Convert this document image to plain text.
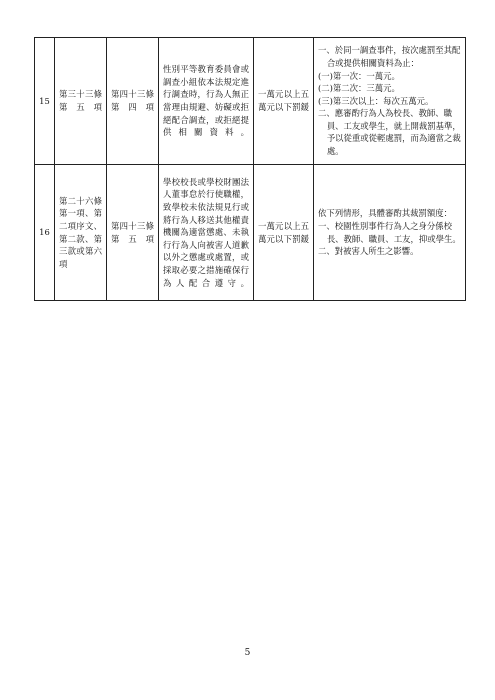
15	第三十三條第五項	第四十三條第四項	性別平等教育委員會或調查小組依本法規定進行調查時，行為人無正當理由規避、妨礙或拒絕配合調查，或拒絕提供相關資料。	一萬元以上五萬元以下罰鍰	一、於同一調查事件，按次處罰至其配合或提供相關資料為止：
(一)第一次：一萬元。
(二)第二次：三萬元。
(三)第三次以上：每次五萬元。
二、應審酌行為人為校長、教師、職員、工友或學生，就上開裁罰基準，予以從重或從輕處罰，而為適當之裁處。

16	第二十六條第一項、第二項序文、第二款、第三款或第六項	第四十三條第五項	學校校長或學校財團法人董事怠於行使職權，致學校未依法規見行或將行為人移送其他權責機關為適當懲處、未執行行為人向被害人道歉以外之懲處或處置，或採取必要之措施確保行為人配合遵守。	一萬元以上五萬元以下罰鍰	依下列情形，具體審酌其裁罰額度：
一、校園性別事件行為人之身分係校長、教師、職員、工友，抑或學生。
二、對被害人所生之影響。
5
